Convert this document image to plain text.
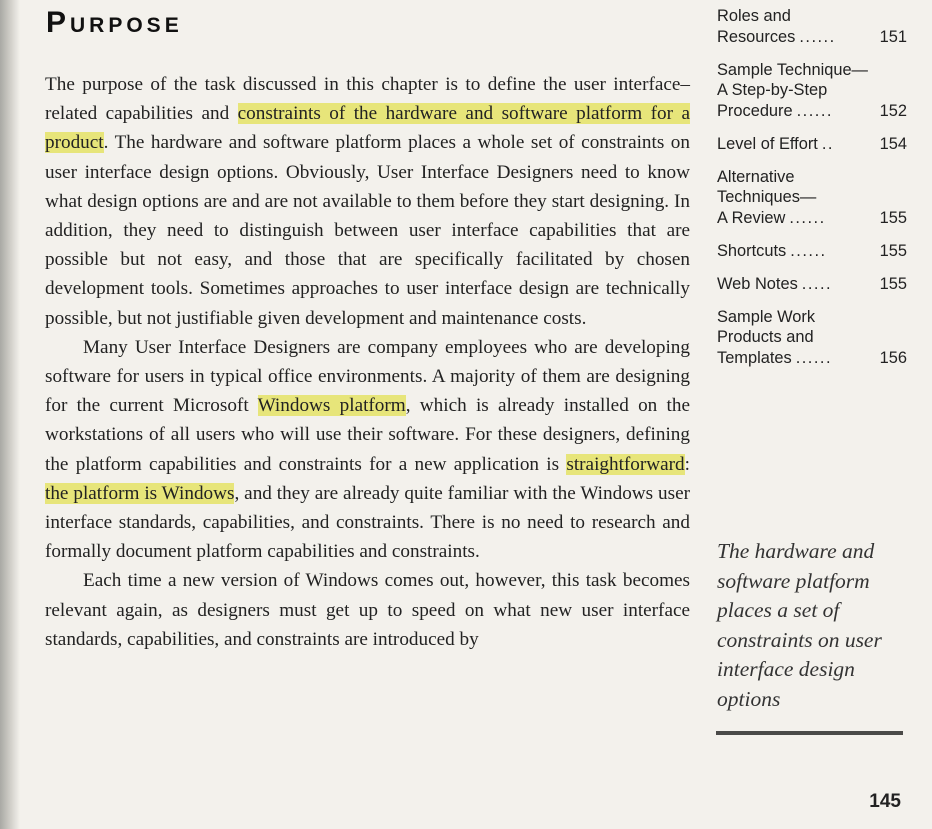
Purpose

The purpose of the task discussed in this chapter is to define the user interface–related capabilities and constraints of the hardware and software platform for a product. The hardware and software platform places a whole set of constraints on user interface design options. Obviously, User Interface Designers need to know what design options are and are not available to them before they start designing. In addition, they need to distinguish between user interface capabilities that are possible but not easy, and those that are specifically facilitated by chosen development tools. Sometimes approaches to user interface design are technically possible, but not justifiable given development and maintenance costs.

Many User Interface Designers are company employees who are developing software for users in typical office environments. A majority of them are designing for the current Microsoft Windows platform, which is already installed on the workstations of all users who will use their software. For these designers, defining the platform capabilities and constraints for a new application is straightforward: the platform is Windows, and they are already quite familiar with the Windows user interface standards, capabilities, and constraints. There is no need to research and formally document platform capabilities and constraints.

Each time a new version of Windows comes out, however, this task becomes relevant again, as designers must get up to speed on what new user interface standards, capabilities, and constraints are introduced by

Roles and
Resources ......	151
Sample Technique—
A Step-by-Step
Procedure ......	152
Level of Effort ..	154
Alternative
Techniques—
A Review ......	155
Shortcuts ......	155
Web Notes .....	155
Sample Work
Products and
Templates ......	156
The hardware and software platform places a set of constraints on user interface design options
145
